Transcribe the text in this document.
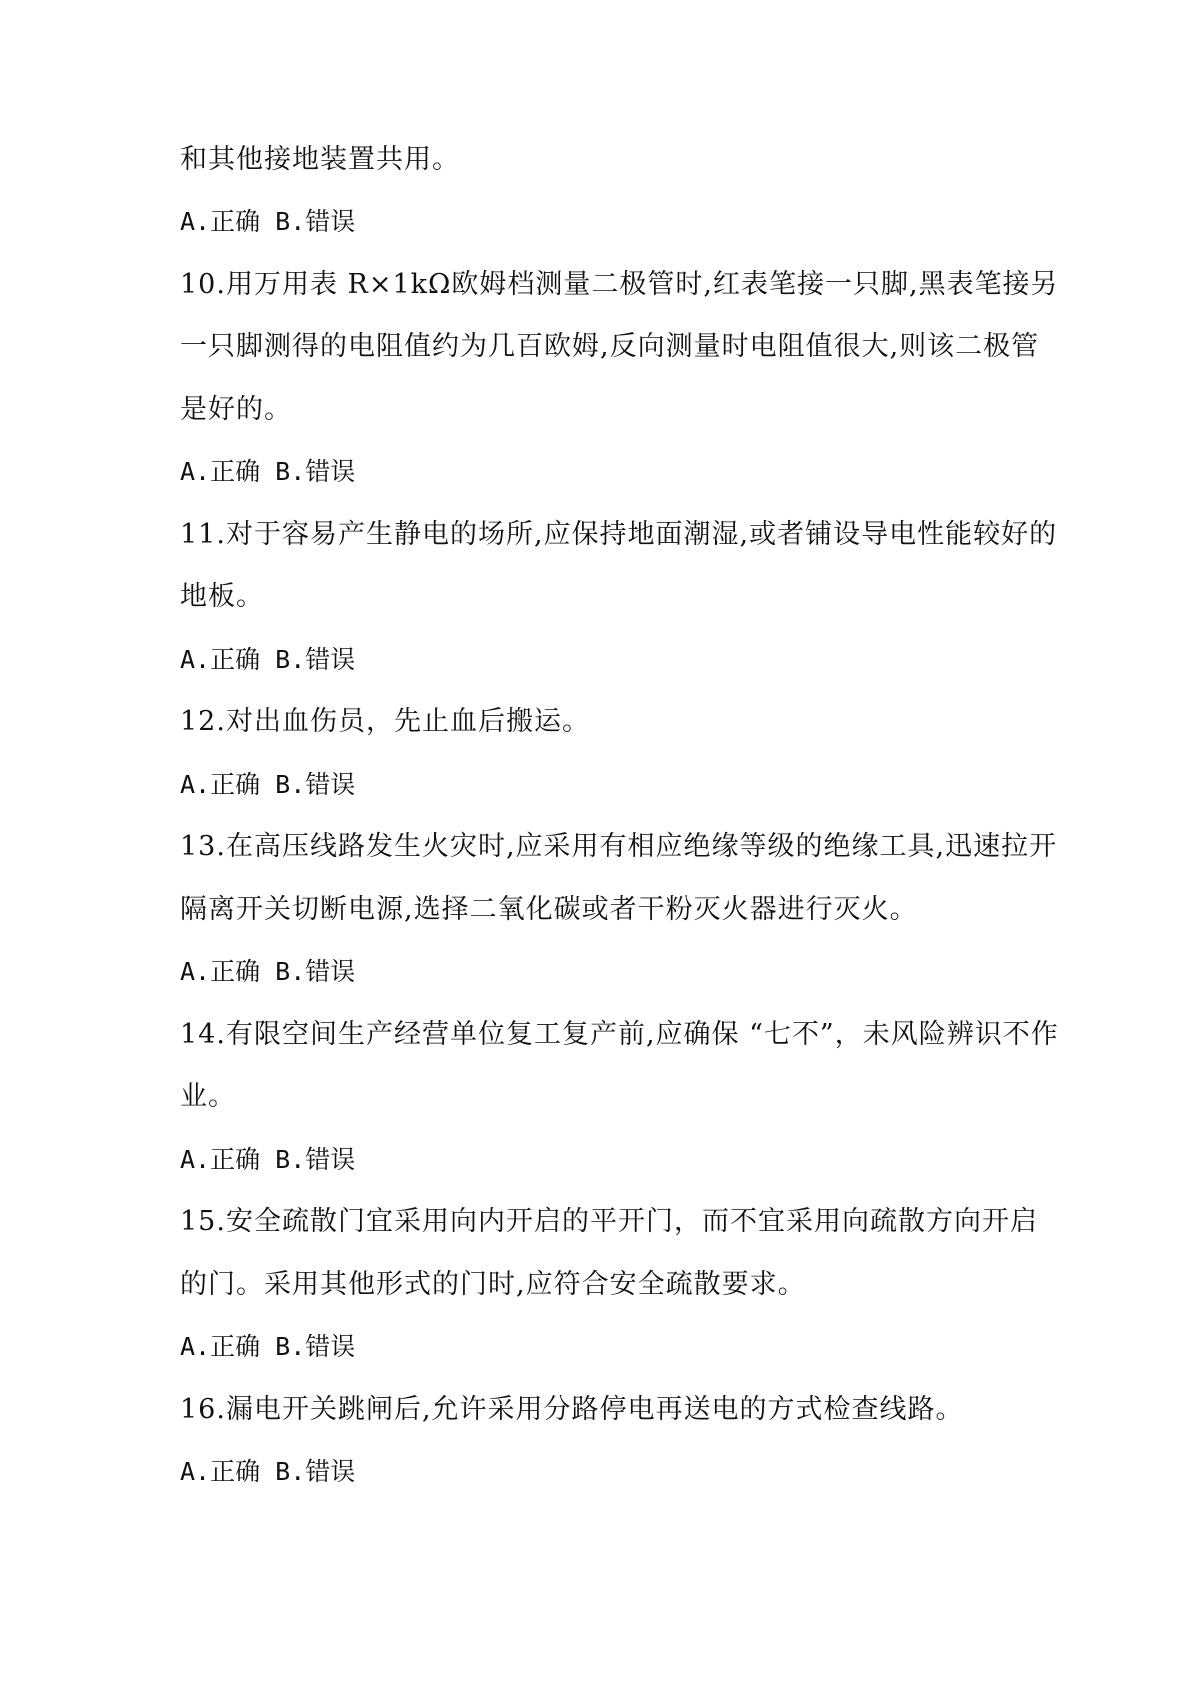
和其他接地装置共用。
A.正确 B.错误
10.用万用表 R×1kΩ欧姆档测量二极管时,红表笔接一只脚,黑表笔接另
一只脚测得的电阻值约为几百欧姆,反向测量时电阻值很大,则该二极管
是好的。
A.正确 B.错误
11.对于容易产生静电的场所,应保持地面潮湿,或者铺设导电性能较好的
地板。
A.正确 B.错误
12.对出血伤员，先止血后搬运。
A.正确 B.错误
13.在高压线路发生火灾时,应采用有相应绝缘等级的绝缘工具,迅速拉开
隔离开关切断电源,选择二氧化碳或者干粉灭火器进行灭火。
A.正确 B.错误
14.有限空间生产经营单位复工复产前,应确保 “七不”，未风险辨识不作
业。
A.正确 B.错误
15.安全疏散门宜采用向内开启的平开门，而不宜采用向疏散方向开启
的门。采用其他形式的门时,应符合安全疏散要求。
A.正确 B.错误
16.漏电开关跳闸后,允许采用分路停电再送电的方式检查线路。
A.正确 B.错误
